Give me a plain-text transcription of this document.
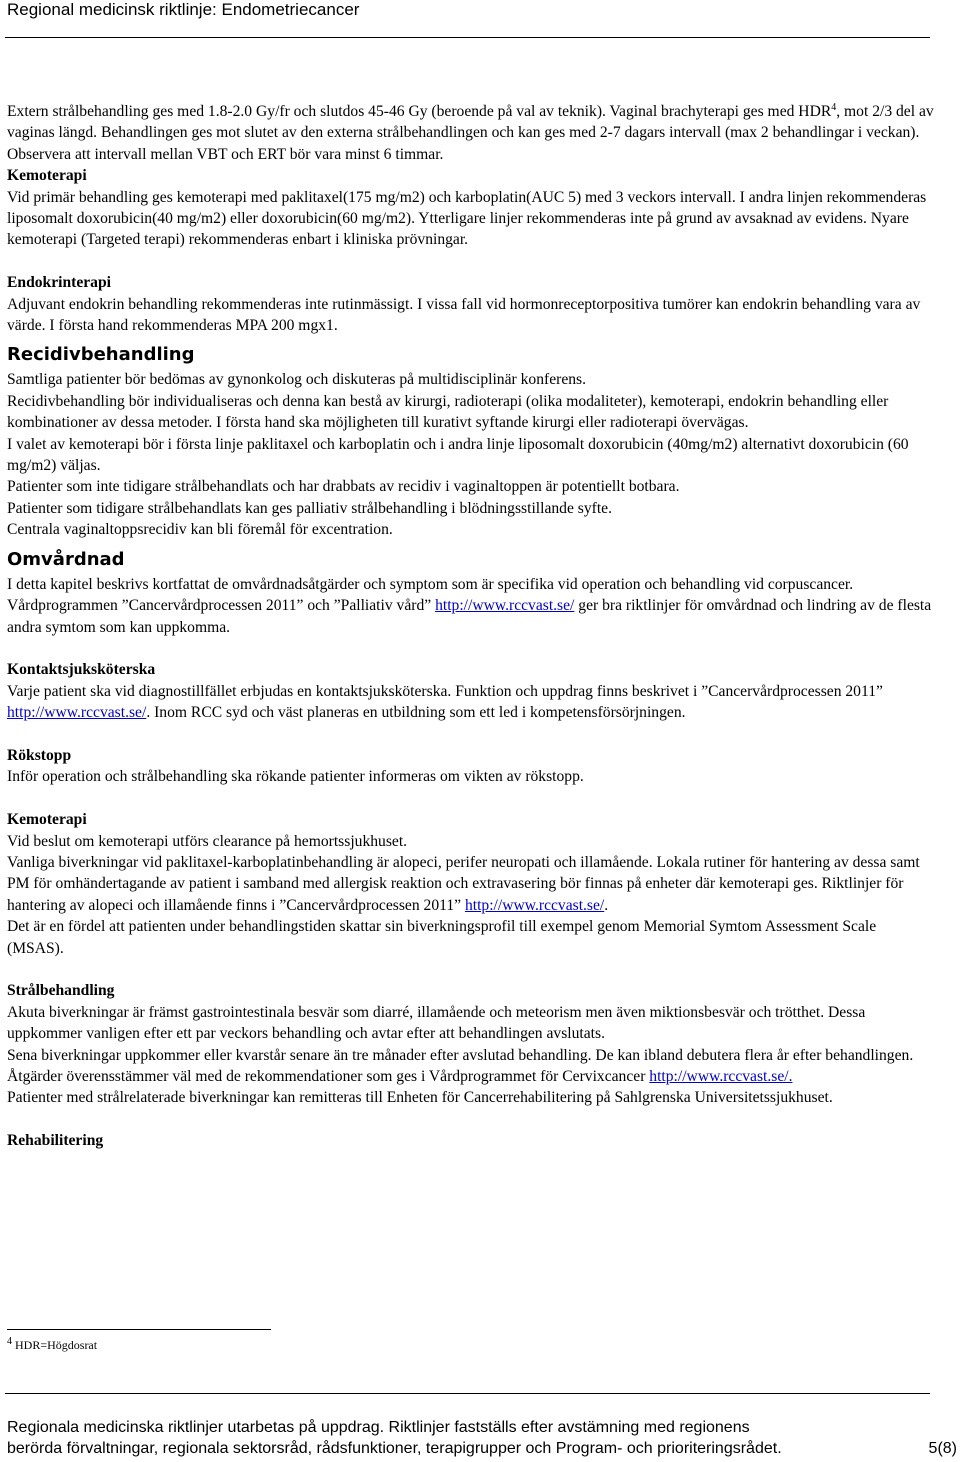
Regional medicinsk riktlinje: Endometriecancer

Extern strålbehandling ges med 1.8-2.0 Gy/fr och slutdos 45-46 Gy (beroende på val av teknik). Vaginal brachyterapi ges med HDR$^4$, mot 2/3 del av vaginas längd. Behandlingen ges mot slutet av den externa strålbehandlingen och kan ges med 2-7 dagars intervall (max 2 behandlingar i veckan). Observera att intervall mellan VBT och ERT bör vara minst 6 timmar.

Kemoterapi

Vid primär behandling ges kemoterapi med paklitaxel(175 mg/m2) och karboplatin(AUC 5) med 3 veckors intervall. I andra linjen rekommenderas liposomalt doxorubicin(40 mg/m2) eller doxorubicin(60 mg/m2). Ytterligare linjer rekommenderas inte på grund av avsaknad av evidens. Nyare kemoterapi (Targeted terapi) rekommenderas enbart i kliniska prövningar.

Endokrinterapi

Adjuvant endokrin behandling rekommenderas inte rutinmässigt. I vissa fall vid hormonreceptorpositiva tumörer kan endokrin behandling vara av värde. I första hand rekommenderas MPA 200 mgx1.

Recidivbehandling

Samtliga patienter bör bedömas av gynonkolog och diskuteras på multidisciplinär konferens.

Recidivbehandling bör individualiseras och denna kan bestå av kirurgi, radioterapi (olika modaliteter), kemoterapi, endokrin behandling eller kombinationer av dessa metoder. I första hand ska möjligheten till kurativt syftande kirurgi eller radioterapi övervägas.

I valet av kemoterapi bör i första linje paklitaxel och karboplatin och i andra linje liposomalt doxorubicin (40mg/m2) alternativt doxorubicin (60 mg/m2) väljas.

Patienter som inte tidigare strålbehandlats och har drabbats av recidiv i vaginaltoppen är potentiellt botbara.

Patienter som tidigare strålbehandlats kan ges palliativ strålbehandling i blödningsstillande syfte.

Centrala vaginaltoppsrecidiv kan bli föremål för excentration.

Omvårdnad

I detta kapitel beskrivs kortfattat de omvårdnadsåtgärder och symptom som är specifika vid operation och behandling vid corpuscancer. Vårdprogrammen ”Cancervårdprocessen 2011” och ”Palliativ vård” http://www.rccvast.se/ ger bra riktlinjer för omvårdnad och lindring av de flesta andra symtom som kan uppkomma.

Kontaktsjuksköterska

Varje patient ska vid diagnostillfället erbjudas en kontaktsjuksköterska. Funktion och uppdrag finns beskrivet i ”Cancervårdprocessen 2011” http://www.rccvast.se/. Inom RCC syd och väst planeras en utbildning som ett led i kompetensförsörjningen.

Rökstopp

Inför operation och strålbehandling ska rökande patienter informeras om vikten av rökstopp.

Kemoterapi

Vid beslut om kemoterapi utförs clearance på hemortssjukhuset.

Vanliga biverkningar vid paklitaxel-karboplatinbehandling är alopeci, perifer neuropati och illamående. Lokala rutiner för hantering av dessa samt PM för omhändertagande av patient i samband med allergisk reaktion och extravasering bör finnas på enheter där kemoterapi ges. Riktlinjer för hantering av alopeci och illamående finns i ”Cancervårdprocessen 2011” http://www.rccvast.se/.

Det är en fördel att patienten under behandlingstiden skattar sin biverkningsprofil till exempel genom Memorial Symtom Assessment Scale (MSAS).

Strålbehandling

Akuta biverkningar är främst gastrointestinala besvär som diarré, illamående och meteorism men även miktionsbesvär och trötthet. Dessa uppkommer vanligen efter ett par veckors behandling och avtar efter att behandlingen avslutats.

Sena biverkningar uppkommer eller kvarstår senare än tre månader efter avslutad behandling. De kan ibland debutera flera år efter behandlingen.

Åtgärder överensstämmer väl med de rekommendationer som ges i Vårdprogrammet för Cervixcancer http://www.rccvast.se/.

Patienter med strålrelaterade biverkningar kan remitteras till Enheten för Cancerrehabilitering på Sahlgrenska Universitetssjukhuset.

Rehabilitering

$^4$ HDR=Högdosrat
Regionala medicinska riktlinjer utarbetas på uppdrag. Riktlinjer fastställs efter avstämning med regionens
berörda förvaltningar, regionala sektorsråd, rådsfunktioner, terapigrupper och Program- och prioriteringsrådet.	5(8)
